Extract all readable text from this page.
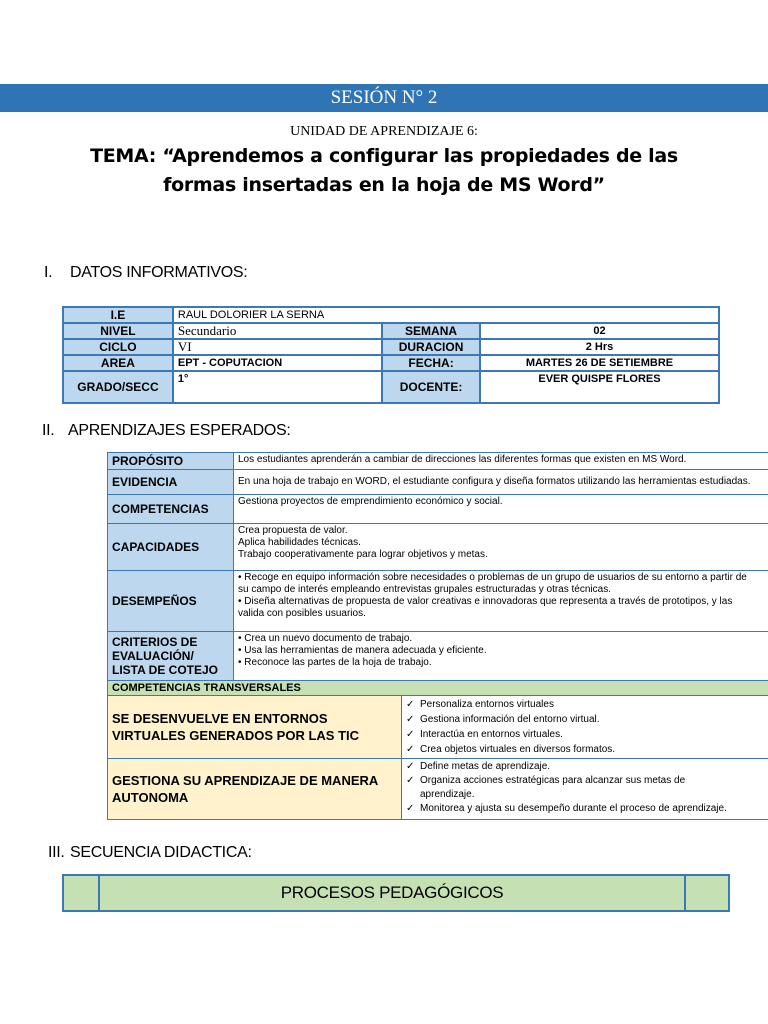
SESIÓN N° 2
UNIDAD DE APRENDIZAJE 6:
TEMA: “Aprendemos a configurar las propiedades de las
formas insertadas en la hoja de MS Word”
I. DATOS INFORMATIVOS:
I.E	RAUL DOLORIER LA SERNA		
NIVEL	Secundario	SEMANA	02
CICLO	VI	DURACION	2 Hrs
AREA	EPT - COPUTACION	FECHA:	MARTES 26 DE SETIEMBRE
GRADO/SECC	1°	DOCENTE:	EVER QUISPE FLORES
II. APRENDIZAJES ESPERADOS:
PROPÓSITO	Los estudiantes aprenderán a cambiar de direcciones las diferentes formas que existen en MS Word.	

EVIDENCIA	En una hoja de trabajo en WORD, el estudiante configura y diseña formatos utilizando las herramientas estudiadas.	

COMPETENCIAS	Gestiona proyectos de emprendimiento económico y social.	

CAPACIDADES	Crea propuesta de valor.
Aplica habilidades técnicas.
Trabajo cooperativamente para lograr objetivos y metas.	

DESEMPEÑOS	• Recoge en equipo información sobre necesidades o problemas de un grupo de usuarios de su entorno a partir de
su campo de interés empleando entrevistas grupales estructuradas y otras técnicas.
• Diseña alternativas de propuesta de valor creativas e innovadoras que representa a través de prototipos, y las
valida con posibles usuarios.

CRITERIOS DE
EVALUACIÓN/
LISTA DE COTEJO	• Crea un nuevo documento de trabajo.
• Usa las herramientas de manera adecuada y eficiente.
• Reconoce las partes de la hoja de trabajo.

COMPETENCIAS TRANSVERSALES		
SE DESENVUELVE EN ENTORNOS VIRTUALES GENERADOS POR LAS TIC		✓ Personaliza entornos virtuales
✓ Gestiona información del entorno virtual.
✓ Interactúa en entornos virtuales.
✓ Crea objetos virtuales en diversos formatos.

GESTIONA SU APRENDIZAJE DE MANERA AUTONOMA		✓ Define metas de aprendizaje.
✓ Organiza acciones estratégicas para alcanzar sus metas de
aprendizaje.
✓ Monitorea y ajusta su desempeño durante el proceso de aprendizaje.
III. SECUENCIA DIDACTICA:
	PROCESOS PEDAGÓGICOS	
